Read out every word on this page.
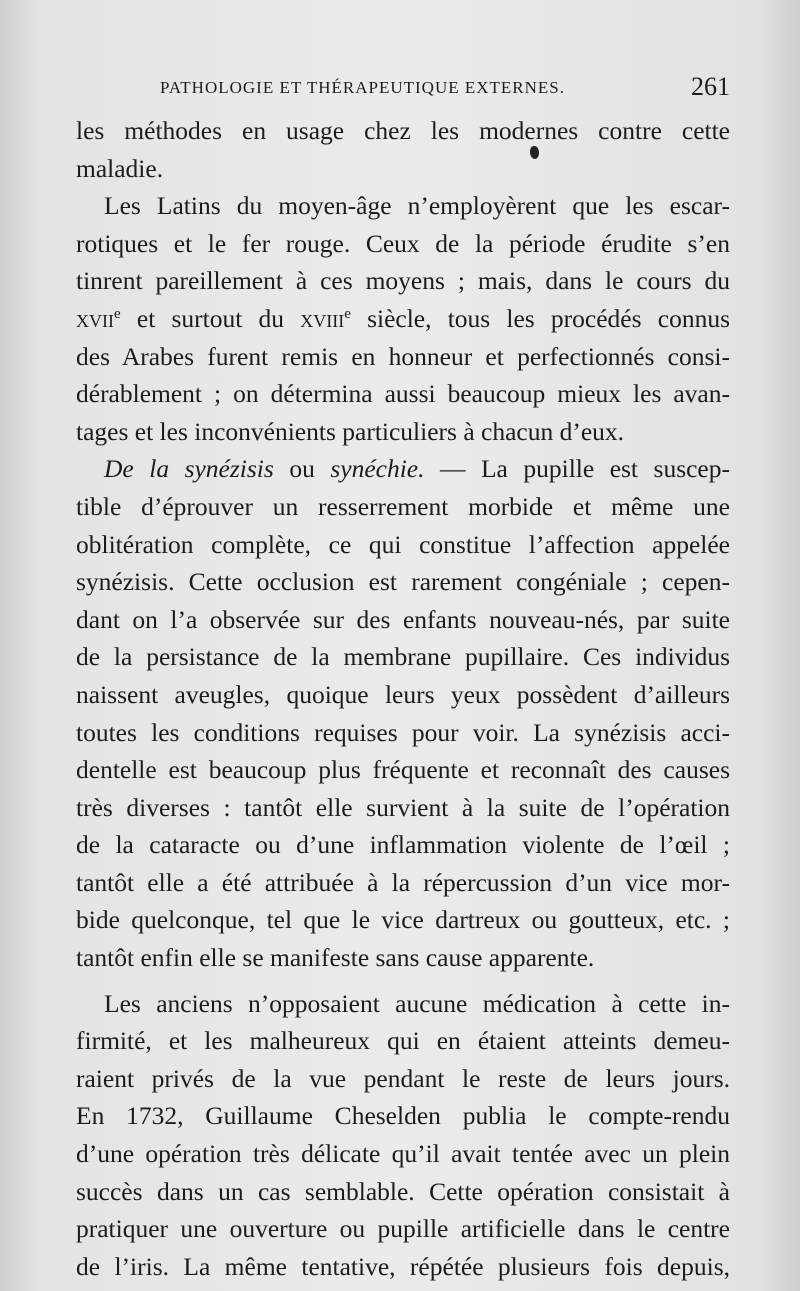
PATHOLOGIE ET THÉRAPEUTIQUE EXTERNES.	261
les méthodes en usage chez les modernes contre cette
maladie.
Les Latins du moyen-âge n’employèrent que les escar-
rotiques et le fer rouge. Ceux de la période érudite s’en
tinrent pareillement à ces moyens ; mais, dans le cours du
xvii$^e$ et surtout du xviii$^e$ siècle, tous les procédés connus
des Arabes furent remis en honneur et perfectionnés consi-
dérablement ; on détermina aussi beaucoup mieux les avan-
tages et les inconvénients particuliers à chacun d’eux.
De la synézisis ou synéchie. — La pupille est suscep-
tible d’éprouver un resserrement morbide et même une
oblitération complète, ce qui constitue l’affection appelée
synézisis. Cette occlusion est rarement congéniale ; cepen-
dant on l’a observée sur des enfants nouveau-nés, par suite
de la persistance de la membrane pupillaire. Ces individus
naissent aveugles, quoique leurs yeux possèdent d’ailleurs
toutes les conditions requises pour voir. La synézisis acci-
dentelle est beaucoup plus fréquente et reconnaît des causes
très diverses : tantôt elle survient à la suite de l’opération
de la cataracte ou d’une inflammation violente de l’œil ;
tantôt elle a été attribuée à la répercussion d’un vice mor-
bide quelconque, tel que le vice dartreux ou goutteux, etc. ;
tantôt enfin elle se manifeste sans cause apparente.
Les anciens n’opposaient aucune médication à cette in-
firmité, et les malheureux qui en étaient atteints demeu-
raient privés de la vue pendant le reste de leurs jours.
En 1732, Guillaume Cheselden publia le compte-rendu
d’une opération très délicate qu’il avait tentée avec un plein
succès dans un cas semblable. Cette opération consistait à
pratiquer une ouverture ou pupille artificielle dans le centre
de l’iris. La même tentative, répétée plusieurs fois depuis,
